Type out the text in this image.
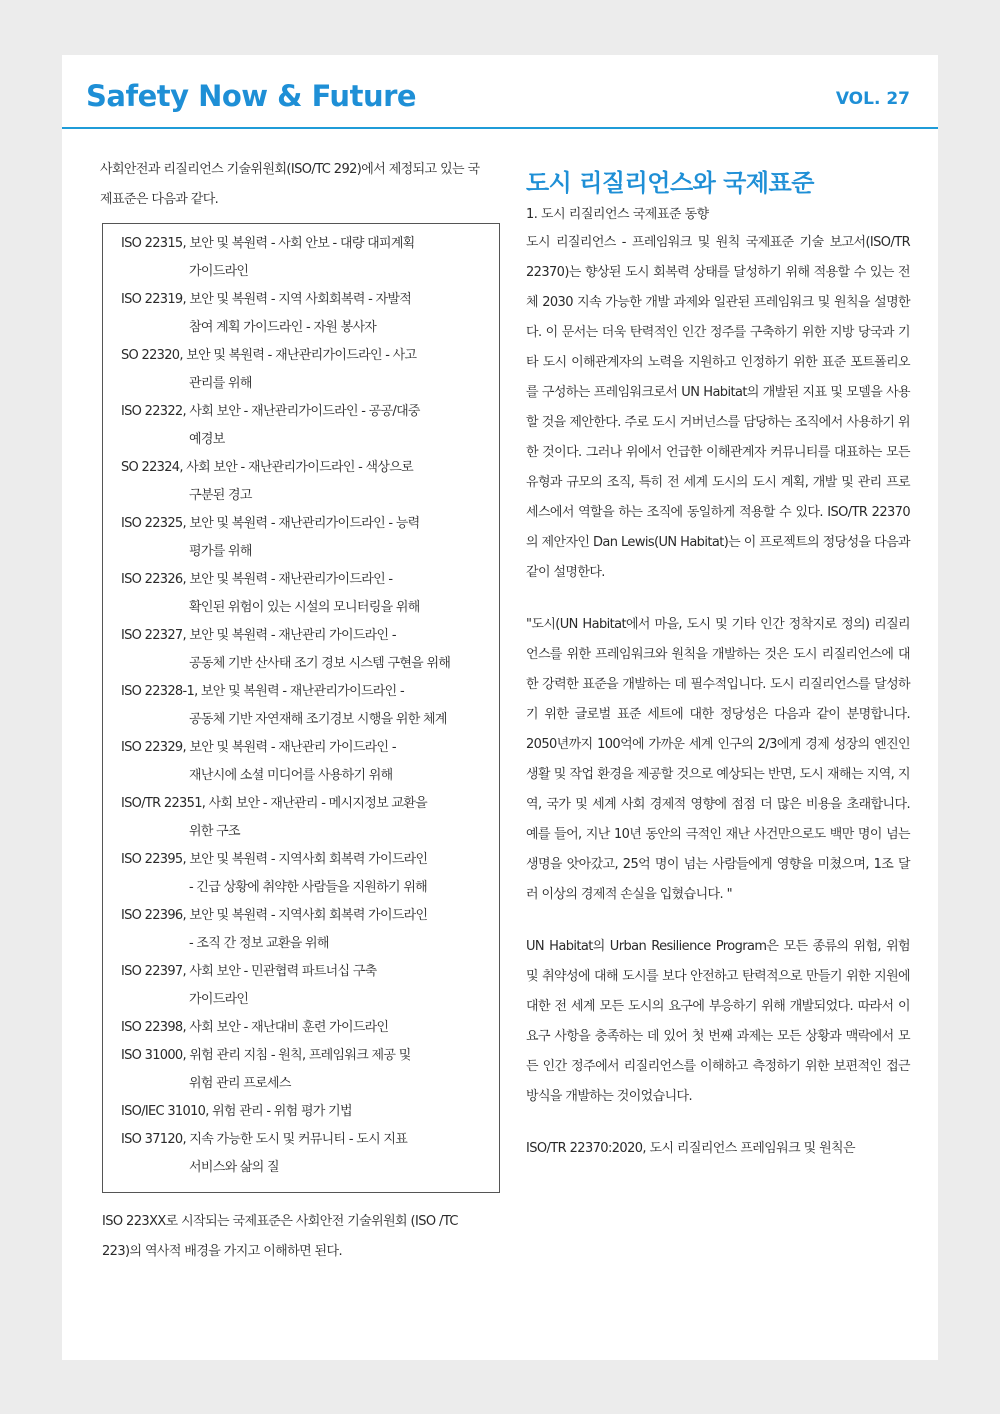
Safety Now & Future	VOL. 27

사회안전과 리질리언스 기술위원회(ISO/TC 292)에서 제정되고 있는 국제표준은 다음과 같다.

ISO 22315, 보안 및 복원력 - 사회 안보 - 대량 대피계획
가이드라인

ISO 22319, 보안 및 복원력 - 지역 사회회복력 - 자발적
참여 계획 가이드라인 - 자원 봉사자

SO 22320, 보안 및 복원력 - 재난관리가이드라인 - 사고
관리를 위해

ISO 22322, 사회 보안 - 재난관리가이드라인 - 공공/대중
예경보

SO 22324, 사회 보안 - 재난관리가이드라인 - 색상으로
구분된 경고

ISO 22325, 보안 및 복원력 - 재난관리가이드라인 - 능력
평가를 위해

ISO 22326, 보안 및 복원력 - 재난관리가이드라인 -
확인된 위험이 있는 시설의 모니터링을 위해

ISO 22327, 보안 및 복원력 - 재난관리 가이드라인 -
공동체 기반 산사태 조기 경보 시스템 구현을 위해

ISO 22328-1, 보안 및 복원력 - 재난관리가이드라인 -
공동체 기반 자연재해 조기경보 시행을 위한 체계

ISO 22329, 보안 및 복원력 - 재난관리 가이드라인 -
재난시에 소셜 미디어를 사용하기 위해

ISO/TR 22351, 사회 보안 - 재난관리 - 메시지정보 교환을
위한 구조

ISO 22395, 보안 및 복원력 - 지역사회 회복력 가이드라인
- 긴급 상황에 취약한 사람들을 지원하기 위해

ISO 22396, 보안 및 복원력 - 지역사회 회복력 가이드라인
- 조직 간 정보 교환을 위해

ISO 22397, 사회 보안 - 민관협력 파트너십 구축
가이드라인

ISO 22398, 사회 보안 - 재난대비 훈련 가이드라인

ISO 31000, 위험 관리 지침 - 원칙, 프레임워크 제공 및
위험 관리 프로세스

ISO/IEC 31010, 위험 관리 - 위험 평가 기법

ISO 37120, 지속 가능한 도시 및 커뮤니티 - 도시 지표
서비스와 삶의 질

ISO 223XX로 시작되는 국제표준은 사회안전 기술위원회 (ISO /TC 223)의 역사적 배경을 가지고 이해하면 된다.

도시 리질리언스와 국제표준

1. 도시 리질리언스 국제표준 동향

도시 리질리언스 - 프레임워크 및 원칙 국제표준 기술 보고서(ISO/TR 22370)는 향상된 도시 회복력 상태를 달성하기 위해 적용할 수 있는 전체 2030 지속 가능한 개발 과제와 일관된 프레임워크 및 원칙을 설명한다. 이 문서는 더욱 탄력적인 인간 정주를 구축하기 위한 지방 당국과 기타 도시 이해관계자의 노력을 지원하고 인정하기 위한 표준 포트폴리오를 구성하는 프레임워크로서 UN Habitat의 개발된 지표 및 모델을 사용할 것을 제안한다. 주로 도시 거버넌스를 담당하는 조직에서 사용하기 위한 것이다. 그러나 위에서 언급한 이해관계자 커뮤니티를 대표하는 모든 유형과 규모의 조직, 특히 전 세계 도시의 도시 계획, 개발 및 관리 프로세스에서 역할을 하는 조직에 동일하게 적용할 수 있다. ISO/TR 22370의 제안자인 Dan Lewis(UN Habitat)는 이 프로젝트의 정당성을 다음과 같이 설명한다.

"도시(UN Habitat에서 마을, 도시 및 기타 인간 정착지로 정의) 리질리언스를 위한 프레임워크와 원칙을 개발하는 것은 도시 리질리언스에 대한 강력한 표준을 개발하는 데 필수적입니다. 도시 리질리언스를 달성하기 위한 글로벌 표준 세트에 대한 정당성은 다음과 같이 분명합니다. 2050년까지 100억에 가까운 세계 인구의 2/3에게 경제 성장의 엔진인 생활 및 작업 환경을 제공할 것으로 예상되는 반면, 도시 재해는 지역, 지역, 국가 및 세계 사회 경제적 영향에 점점 더 많은 비용을 초래합니다. 예를 들어, 지난 10년 동안의 극적인 재난 사건만으로도 백만 명이 넘는 생명을 앗아갔고, 25억 명이 넘는 사람들에게 영향을 미쳤으며, 1조 달러 이상의 경제적 손실을 입혔습니다. "

UN Habitat의 Urban Resilience Program은 모든 종류의 위험, 위험 및 취약성에 대해 도시를 보다 안전하고 탄력적으로 만들기 위한 지원에 대한 전 세계 모든 도시의 요구에 부응하기 위해 개발되었다. 따라서 이 요구 사항을 충족하는 데 있어 첫 번째 과제는 모든 상황과 맥락에서 모든 인간 정주에서 리질리언스를 이해하고 측정하기 위한 보편적인 접근 방식을 개발하는 것이었습니다.

ISO/TR 22370:2020, 도시 리질리언스 프레임워크 및 원칙은
